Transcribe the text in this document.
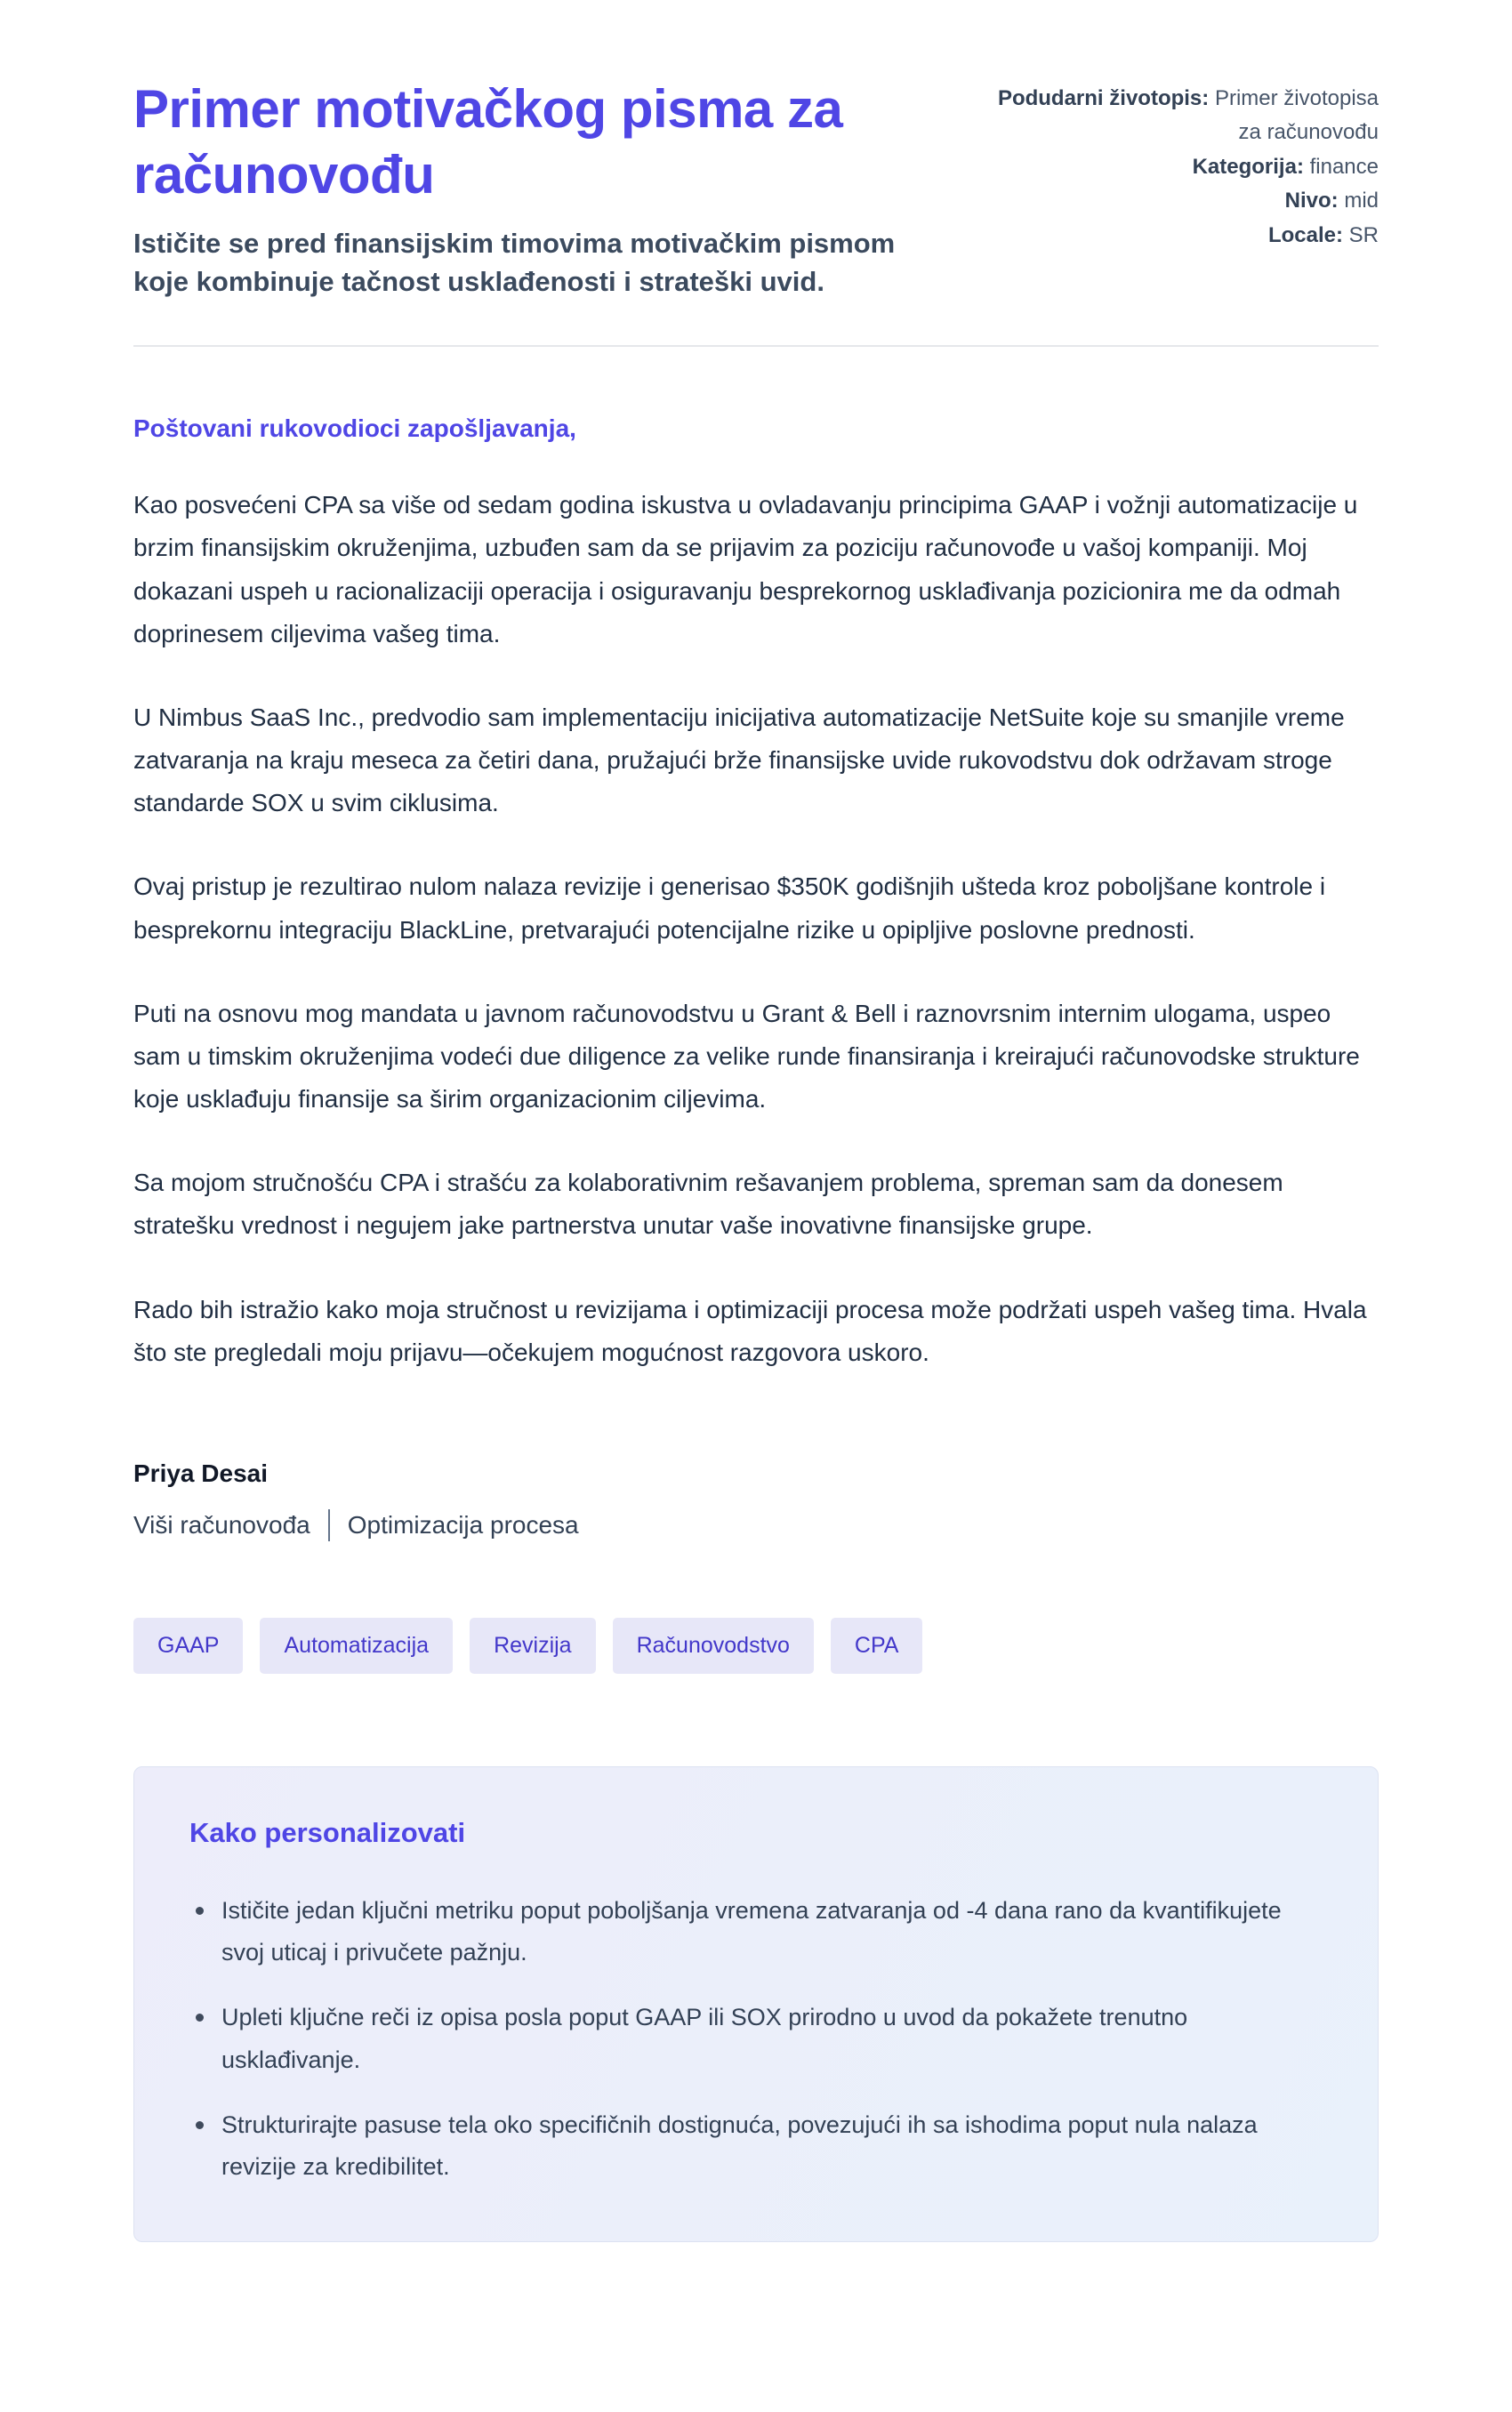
Primer motivačkog pisma za računovođu

Ističite se pred finansijskim timovima motivačkim pismom koje kombinuje tačnost usklađenosti i strateški uvid.

Podudarni životopis: Primer životopisa za računovođu
Kategorija: finance
Nivo: mid
Locale: SR

Poštovani rukovodioci zapošljavanja,

Kao posvećeni CPA sa više od sedam godina iskustva u ovladavanju principima GAAP i vožnji automatizacije u brzim finansijskim okruženjima, uzbuđen sam da se prijavim za poziciju računovođe u vašoj kompaniji. Moj dokazani uspeh u racionalizaciji operacija i osiguravanju besprekornog usklađivanja pozicionira me da odmah doprinesem ciljevima vašeg tima.

U Nimbus SaaS Inc., predvodio sam implementaciju inicijativa automatizacije NetSuite koje su smanjile vreme zatvaranja na kraju meseca za četiri dana, pružajući brže finansijske uvide rukovodstvu dok održavam stroge standarde SOX u svim ciklusima.

Ovaj pristup je rezultirao nulom nalaza revizije i generisao $350K godišnjih ušteda kroz poboljšane kontrole i besprekornu integraciju BlackLine, pretvarajući potencijalne rizike u opipljive poslovne prednosti.

Puti na osnovu mog mandata u javnom računovodstvu u Grant & Bell i raznovrsnim internim ulogama, uspeo sam u timskim okruženjima vodeći due diligence za velike runde finansiranja i kreirajući računovodske strukture koje usklađuju finansije sa širim organizacionim ciljevima.

Sa mojom stručnošću CPA i strašću za kolaborativnim rešavanjem problema, spreman sam da donesem stratešku vrednost i negujem jake partnerstva unutar vaše inovativne finansijske grupe.

Rado bih istražio kako moja stručnost u revizijama i optimizaciji procesa može podržati uspeh vašeg tima. Hvala što ste pregledali moju prijavu—očekujem mogućnost razgovora uskoro.

Priya Desai

Viši računovođa Optimizacija procesa

GAAP	Automatizacija	Revizija	Računovodstvo	CPA
Kako personalizovati
Ističite jedan ključni metriku poput poboljšanja vremena zatvaranja od -4 dana rano da kvantifikujete svoj uticaj i privučete pažnju.
Upleti ključne reči iz opisa posla poput GAAP ili SOX prirodno u uvod da pokažete trenutno usklađivanje.
Strukturirajte pasuse tela oko specifičnih dostignuća, povezujući ih sa ishodima poput nula nalaza revizije za kredibilitet.
